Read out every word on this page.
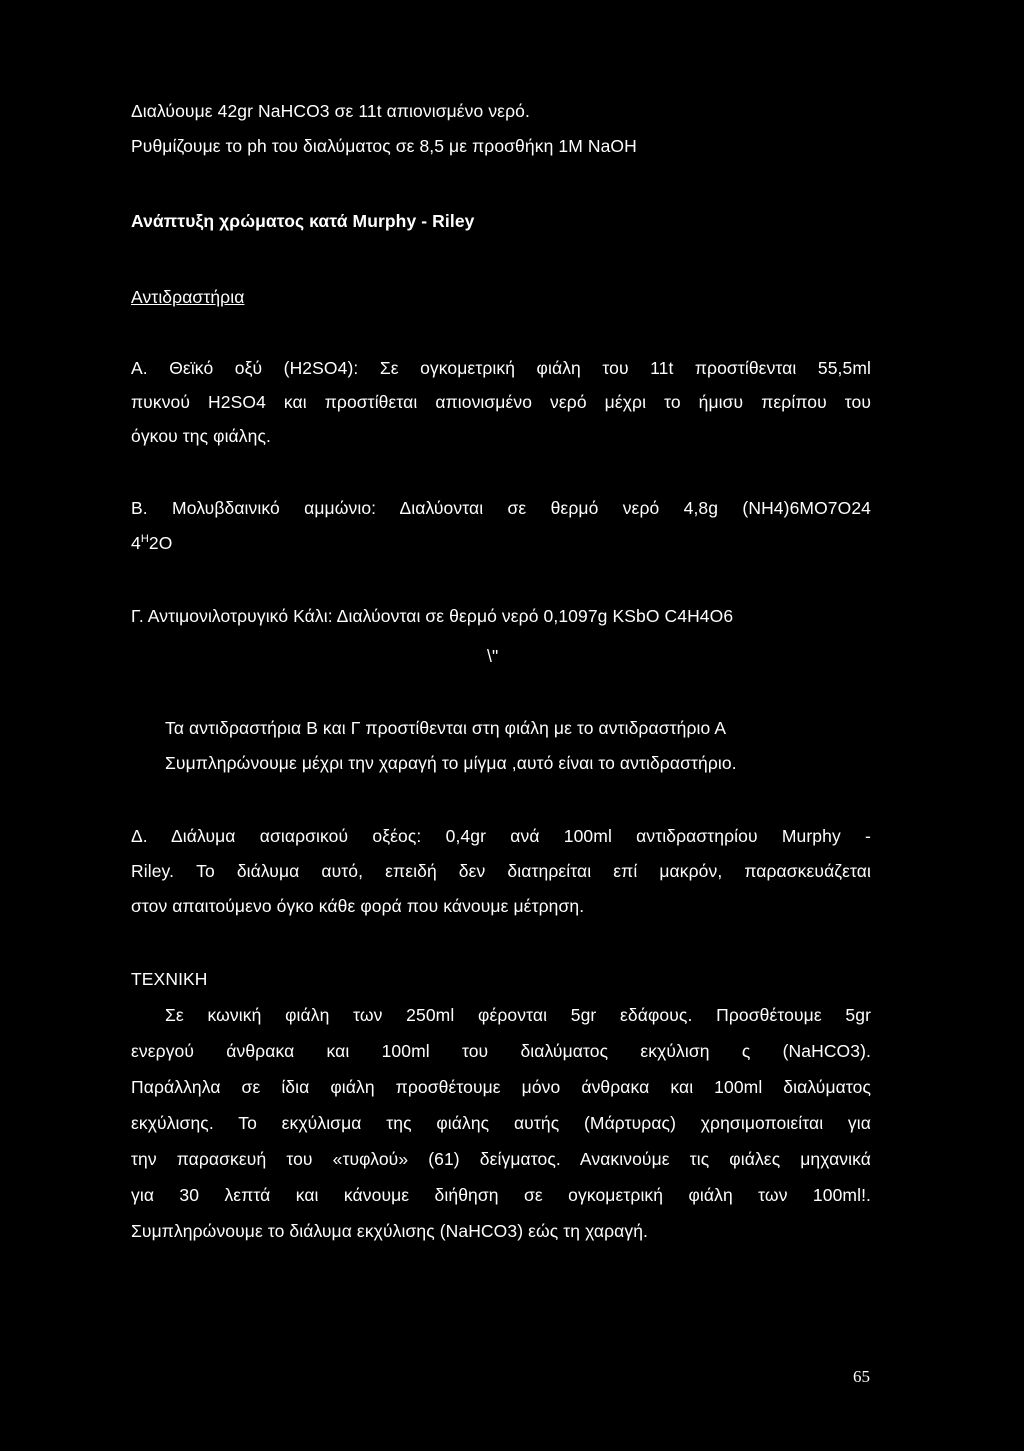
Διαλύουμε 42gr NaHCO3 σε 11t απιονισμένο νερό.
Ρυθμίζουμε το ph του διαλύματος σε 8,5 με προσθήκη 1M NaOH
Ανάπτυξη χρώματος κατά Murphy - Riley
Αντιδραστήρια
Α. Θεϊκό οξύ (H2SO4): Σε ογκομετρική φιάλη του 11t προστίθενται 55,5ml
πυκνού H2SO4 και προστίθεται απιονισμένο νερό μέχρι το ήμισυ περίπου του
όγκου της φιάλης.
Β. Μολυβδαινικό αμμώνιο: Διαλύονται σε θερμό νερό 4,8g (NH4)6MO7O24
$4^H2O$
Γ. Αντιμονιλοτρυγικό Κάλι: Διαλύονται σε θερμό νερό 0,1097g KSbO C4H4O6
\"
Τα αντιδραστήρια Β και Γ προστίθενται στη φιάλη με το αντιδραστήριο Α
Συμπληρώνουμε μέχρι την χαραγή το μίγμα ,αυτό είναι το αντιδραστήριο.
Δ. Διάλυμα ασιαρσικού οξέος: 0,4gr ανά 100ml αντιδραστηρίου Murphy -
Riley. Το διάλυμα αυτό, επειδή δεν διατηρείται επί μακρόν, παρασκευάζεται
στον απαιτούμενο όγκο κάθε φορά που κάνουμε μέτρηση.
ΤΕΧΝΙΚΗ
Σε κωνική φιάλη των 250ml φέρονται 5gr εδάφους. Προσθέτουμε 5gr
ενεργού άνθρακα και 100ml του διαλύματος εκχύλιση ς (NaHCO3).
Παράλληλα σε ίδια φιάλη προσθέτουμε μόνο άνθρακα και 100ml διαλύματος
εκχύλισης. Το εκχύλισμα της φιάλης αυτής (Μάρτυρας) χρησιμοποιείται για
την παρασκευή του «τυφλού» (61) δείγματος. Ανακινούμε τις φιάλες μηχανικά
για 30 λεπτά και κάνουμε διήθηση σε ογκομετρική φιάλη των 100ml!.
Συμπληρώνουμε το διάλυμα εκχύλισης (NaHCO3) εώς τη χαραγή.
65
